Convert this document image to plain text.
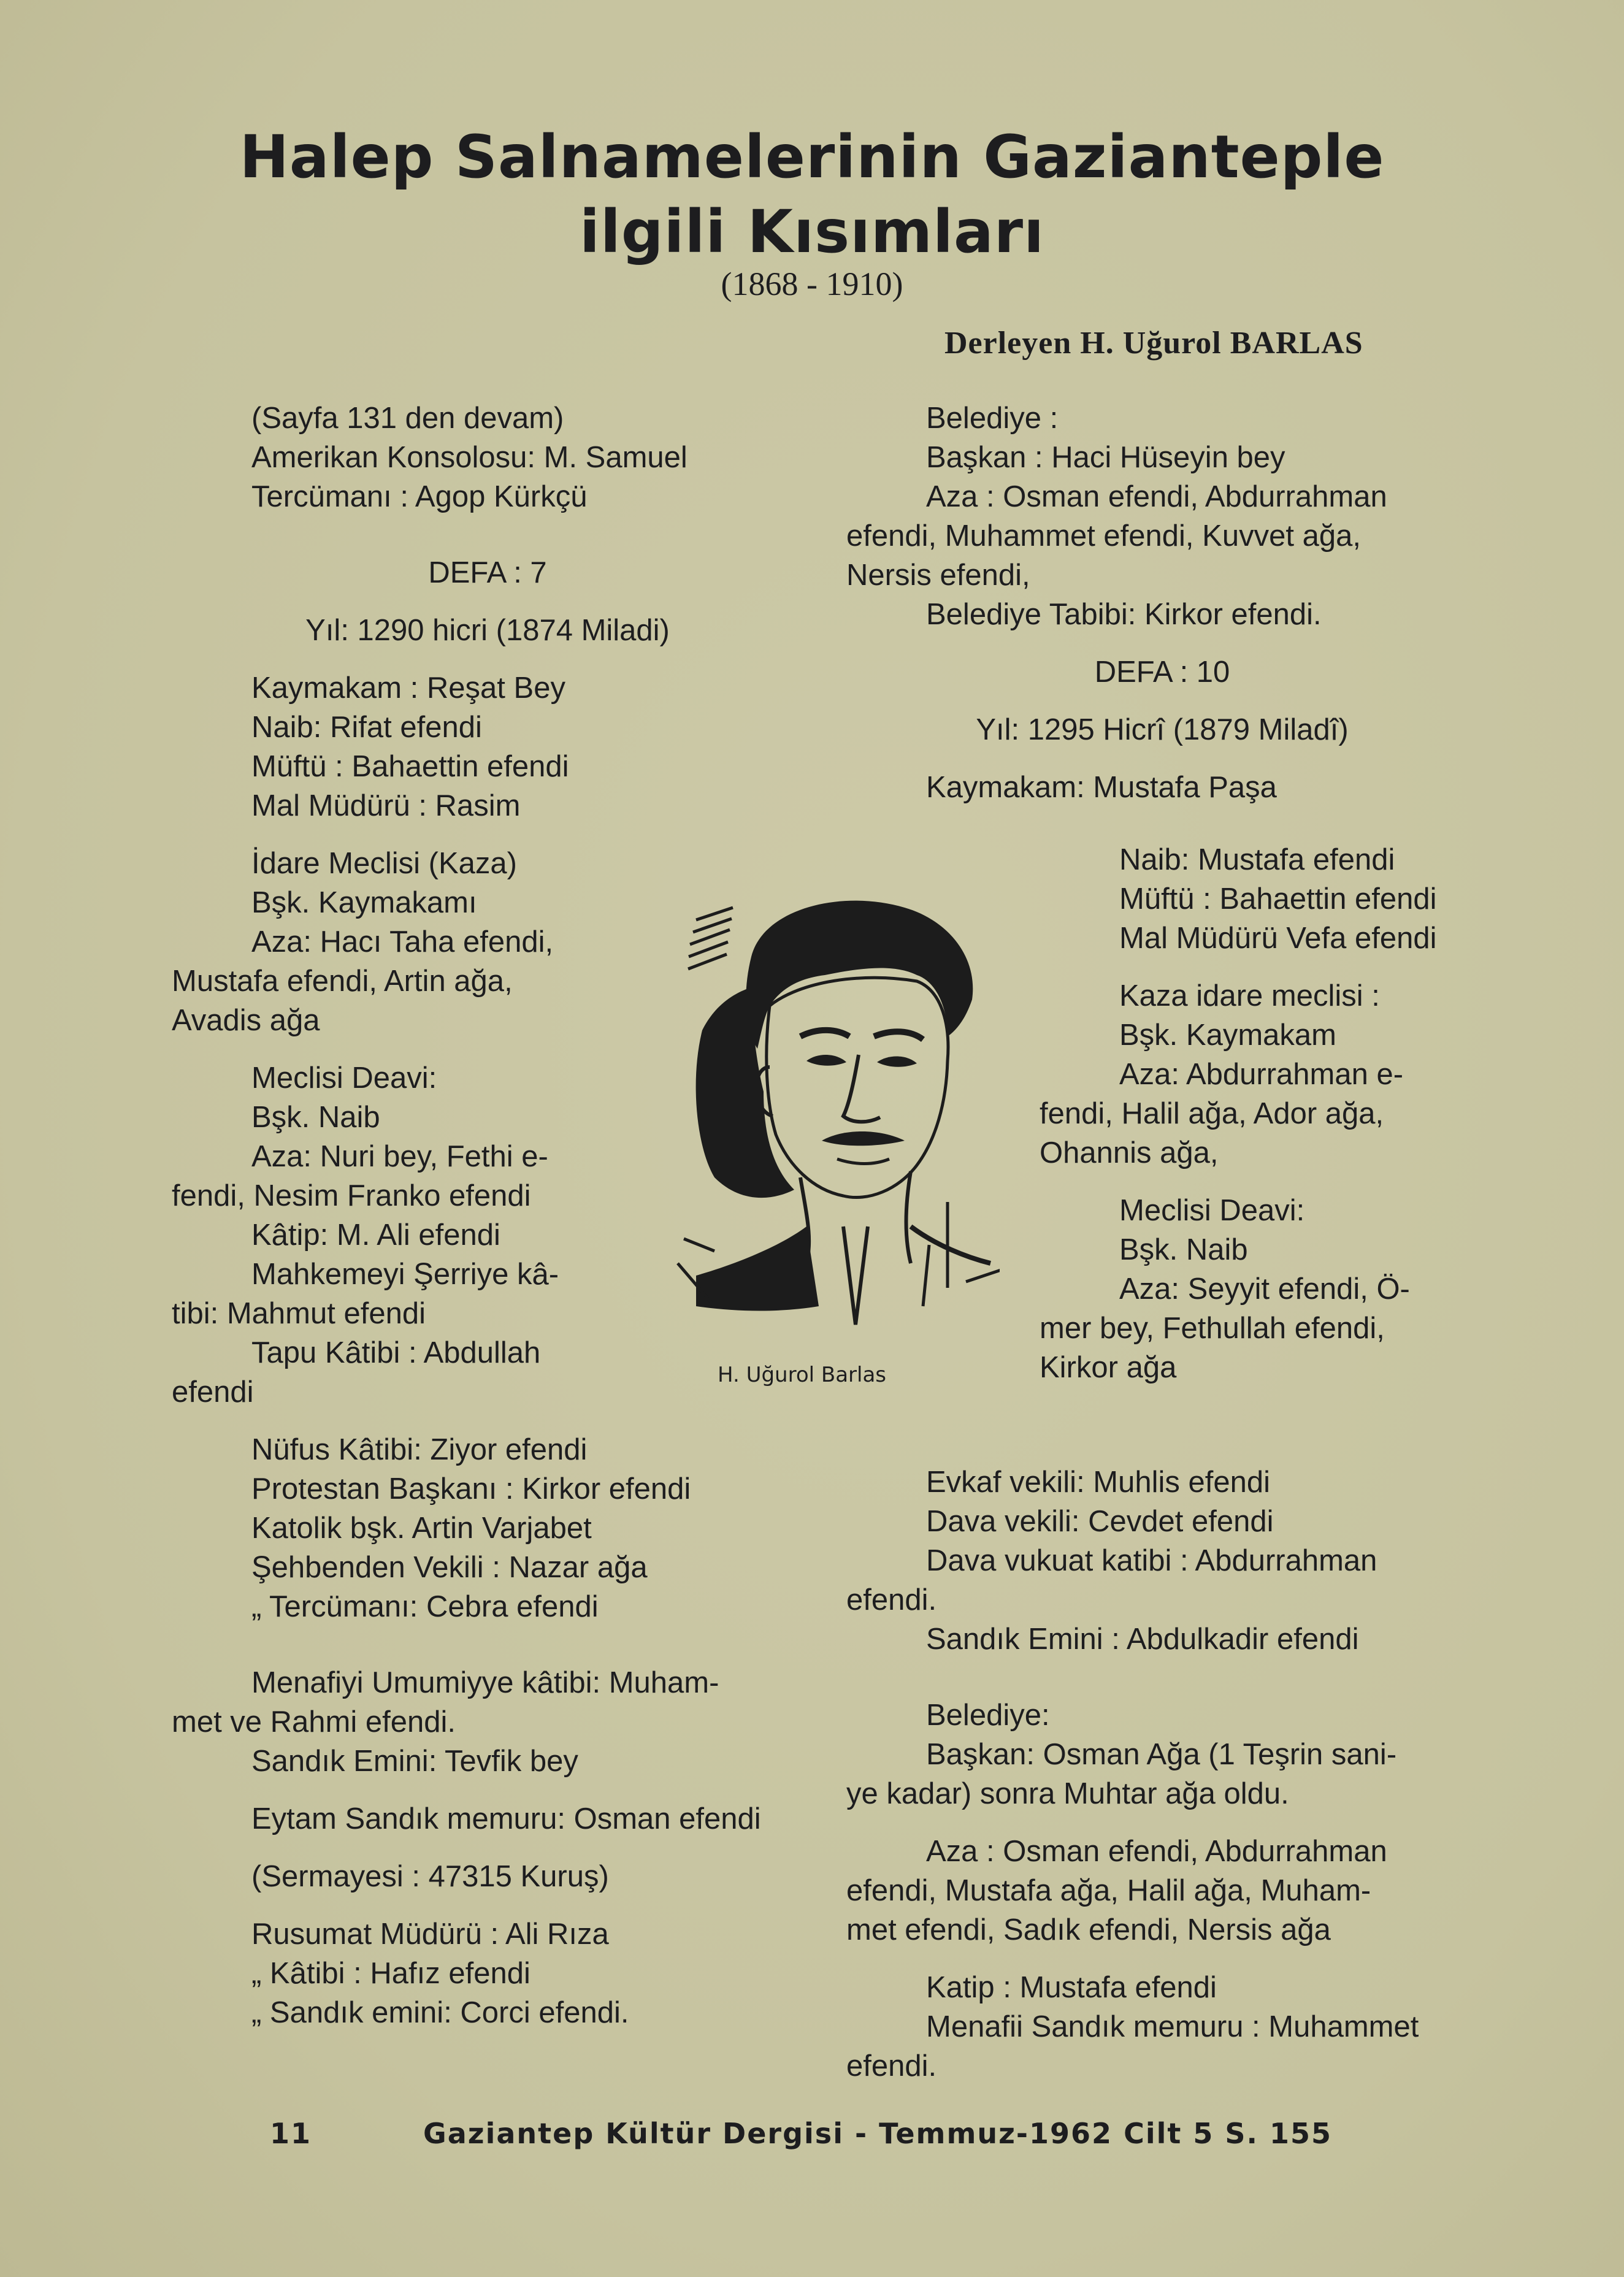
Halep Salnamelerinin Gazianteple
ilgili Kısımları
(1868 - 1910)
Derleyen H. Uğurol BARLAS

(Sayfa 131 den devam)

Amerikan Konsolosu: M. Samuel

Tercümanı : Agop Kürkçü

DEFA : 7

Yıl: 1290 hicri (1874 Miladi)

Kaymakam : Reşat Bey

Naib: Rifat efendi

Müftü : Bahaettin efendi

Mal Müdürü : Rasim

İdare Meclisi (Kaza)

Bşk. Kaymakamı

Aza: Hacı Taha efendi,

Mustafa efendi, Artin ağa,

Avadis ağa

Meclisi Deavi:

Bşk. Naib

Aza: Nuri bey, Fethi e-

fendi, Nesim Franko efendi

Kâtip: M. Ali efendi

Mahkemeyi Şerriye kâ-

tibi: Mahmut efendi

Tapu Kâtibi : Abdullah

efendi

Nüfus Kâtibi: Ziyor efendi

Protestan Başkanı : Kirkor efendi

Katolik bşk. Artin Varjabet

Şehbenden Vekili : Nazar ağa

„ Tercümanı: Cebra efendi

Menafiyi Umumiyye kâtibi: Muham-

met ve Rahmi efendi.

Sandık Emini: Tevfik bey

Eytam Sandık memuru: Osman efendi

(Sermayesi : 47315 Kuruş)

Rusumat Müdürü : Ali Rıza

„ Kâtibi : Hafız efendi

„ Sandık emini: Corci efendi.

Belediye :

Başkan : Haci Hüseyin bey

Aza : Osman efendi, Abdurrahman

efendi, Muhammet efendi, Kuvvet ağa,

Nersis efendi,

Belediye Tabibi: Kirkor efendi.

DEFA : 10

Yıl: 1295 Hicrî (1879 Miladî)

Kaymakam: Mustafa Paşa

Naib: Mustafa efendi

Müftü : Bahaettin efendi

Mal Müdürü Vefa efendi

Kaza idare meclisi :

Bşk. Kaymakam

Aza: Abdurrahman e-

fendi, Halil ağa, Ador ağa,

Ohannis ağa,

Meclisi Deavi:

Bşk. Naib

Aza: Seyyit efendi, Ö-

mer bey, Fethullah efendi,

Kirkor ağa

Evkaf vekili: Muhlis efendi

Dava vekili: Cevdet efendi

Dava vukuat katibi : Abdurrahman

efendi.

Sandık Emini : Abdulkadir efendi

Belediye:

Başkan: Osman Ağa (1 Teşrin sani-

ye kadar) sonra Muhtar ağa oldu.

Aza : Osman efendi, Abdurrahman

efendi, Mustafa ağa, Halil ağa, Muham-

met efendi, Sadık efendi, Nersis ağa

Katip : Mustafa efendi

Menafii Sandık memuru : Muhammet

efendi.

H. Uğurol Barlas
11	Gaziantep Kültür Dergisi - Temmuz-1962 Cilt 5 S. 155
